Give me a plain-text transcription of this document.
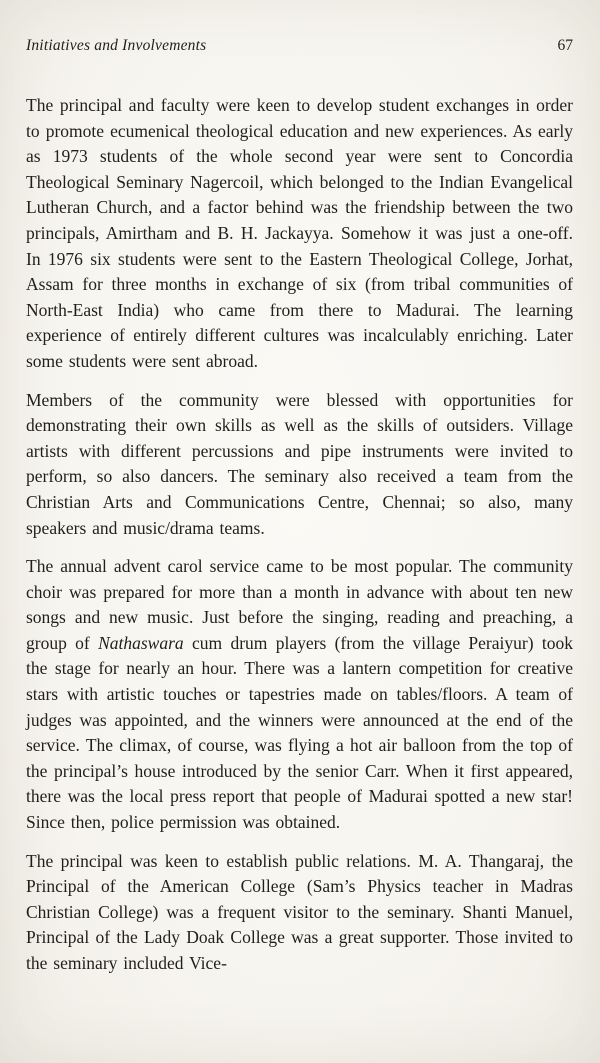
Initiatives and Involvements	67

The principal and faculty were keen to develop student exchanges in order to promote ecumenical theological education and new experiences. As early as 1973 students of the whole second year were sent to Concordia Theological Seminary Nagercoil, which belonged to the Indian Evangelical Lutheran Church, and a factor behind was the friendship between the two principals, Amirtham and B. H. Jackayya. Somehow it was just a one-off. In 1976 six students were sent to the Eastern Theological College, Jorhat, Assam for three months in exchange of six (from tribal communities of North-East India) who came from there to Madurai. The learning experience of entirely different cultures was incalculably enriching. Later some students were sent abroad.

Members of the community were blessed with opportunities for demonstrating their own skills as well as the skills of outsiders. Village artists with different percussions and pipe instruments were invited to perform, so also dancers. The seminary also received a team from the Christian Arts and Communications Centre, Chennai; so also, many speakers and music/drama teams.

The annual advent carol service came to be most popular. The community choir was prepared for more than a month in advance with about ten new songs and new music. Just before the singing, reading and preaching, a group of Nathaswara cum drum players (from the village Peraiyur) took the stage for nearly an hour. There was a lantern competition for creative stars with artistic touches or tapestries made on tables/floors. A team of judges was appointed, and the winners were announced at the end of the service. The climax, of course, was flying a hot air balloon from the top of the principal’s house introduced by the senior Carr. When it first appeared, there was the local press report that people of Madurai spotted a new star! Since then, police permission was obtained.

The principal was keen to establish public relations. M. A. Thangaraj, the Principal of the American College (Sam’s Physics teacher in Madras Christian College) was a frequent visitor to the seminary. Shanti Manuel, Principal of the Lady Doak College was a great supporter. Those invited to the seminary included Vice-
